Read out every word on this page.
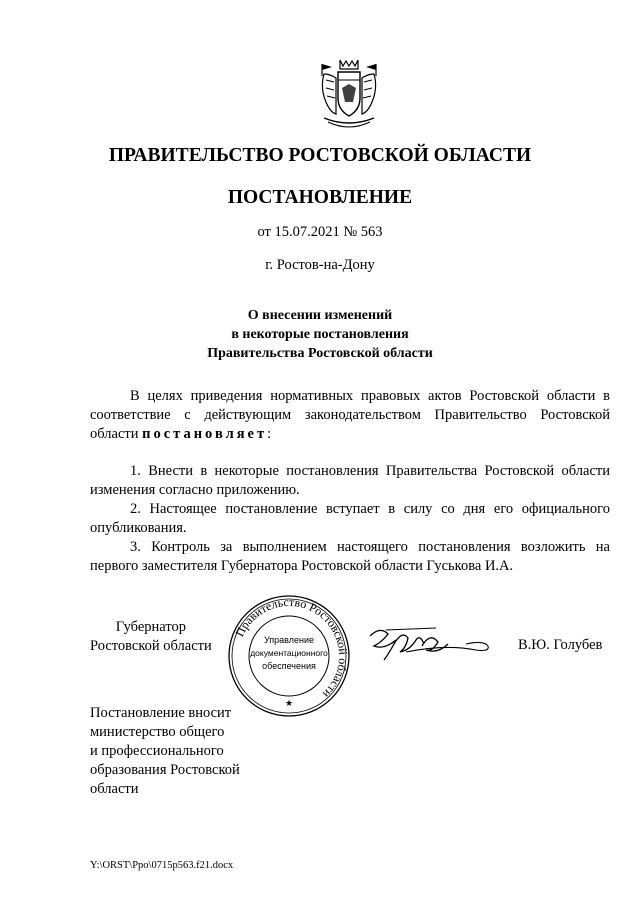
ПРАВИТЕЛЬСТВО РОСТОВСКОЙ ОБЛАСТИ
ПОСТАНОВЛЕНИЕ
от 15.07.2021 № 563
г. Ростов-на-Дону
О внесении изменений
в некоторые постановления
Правительства Ростовской области
В целях приведения нормативных правовых актов Ростовской области в соответствие с действующим законодательством Правительство Ростовской области постановляет:
1. Внести в некоторые постановления Правительства Ростовской области изменения согласно приложению.
2. Настоящее постановление вступает в силу со дня его официального опубликования.
3. Контроль за выполнением настоящего постановления возложить на первого заместителя Губернатора Ростовской области Гуськова И.А.
Губернатор
Ростовской области
Правительство Ростовской области
Управление
документационного
обеспечения
★
В.Ю. Голубев
Постановление вносит
министерство общего
и профессионального
образования Ростовской
области
Y:\ORST\Ppo\0715p563.f21.docx
